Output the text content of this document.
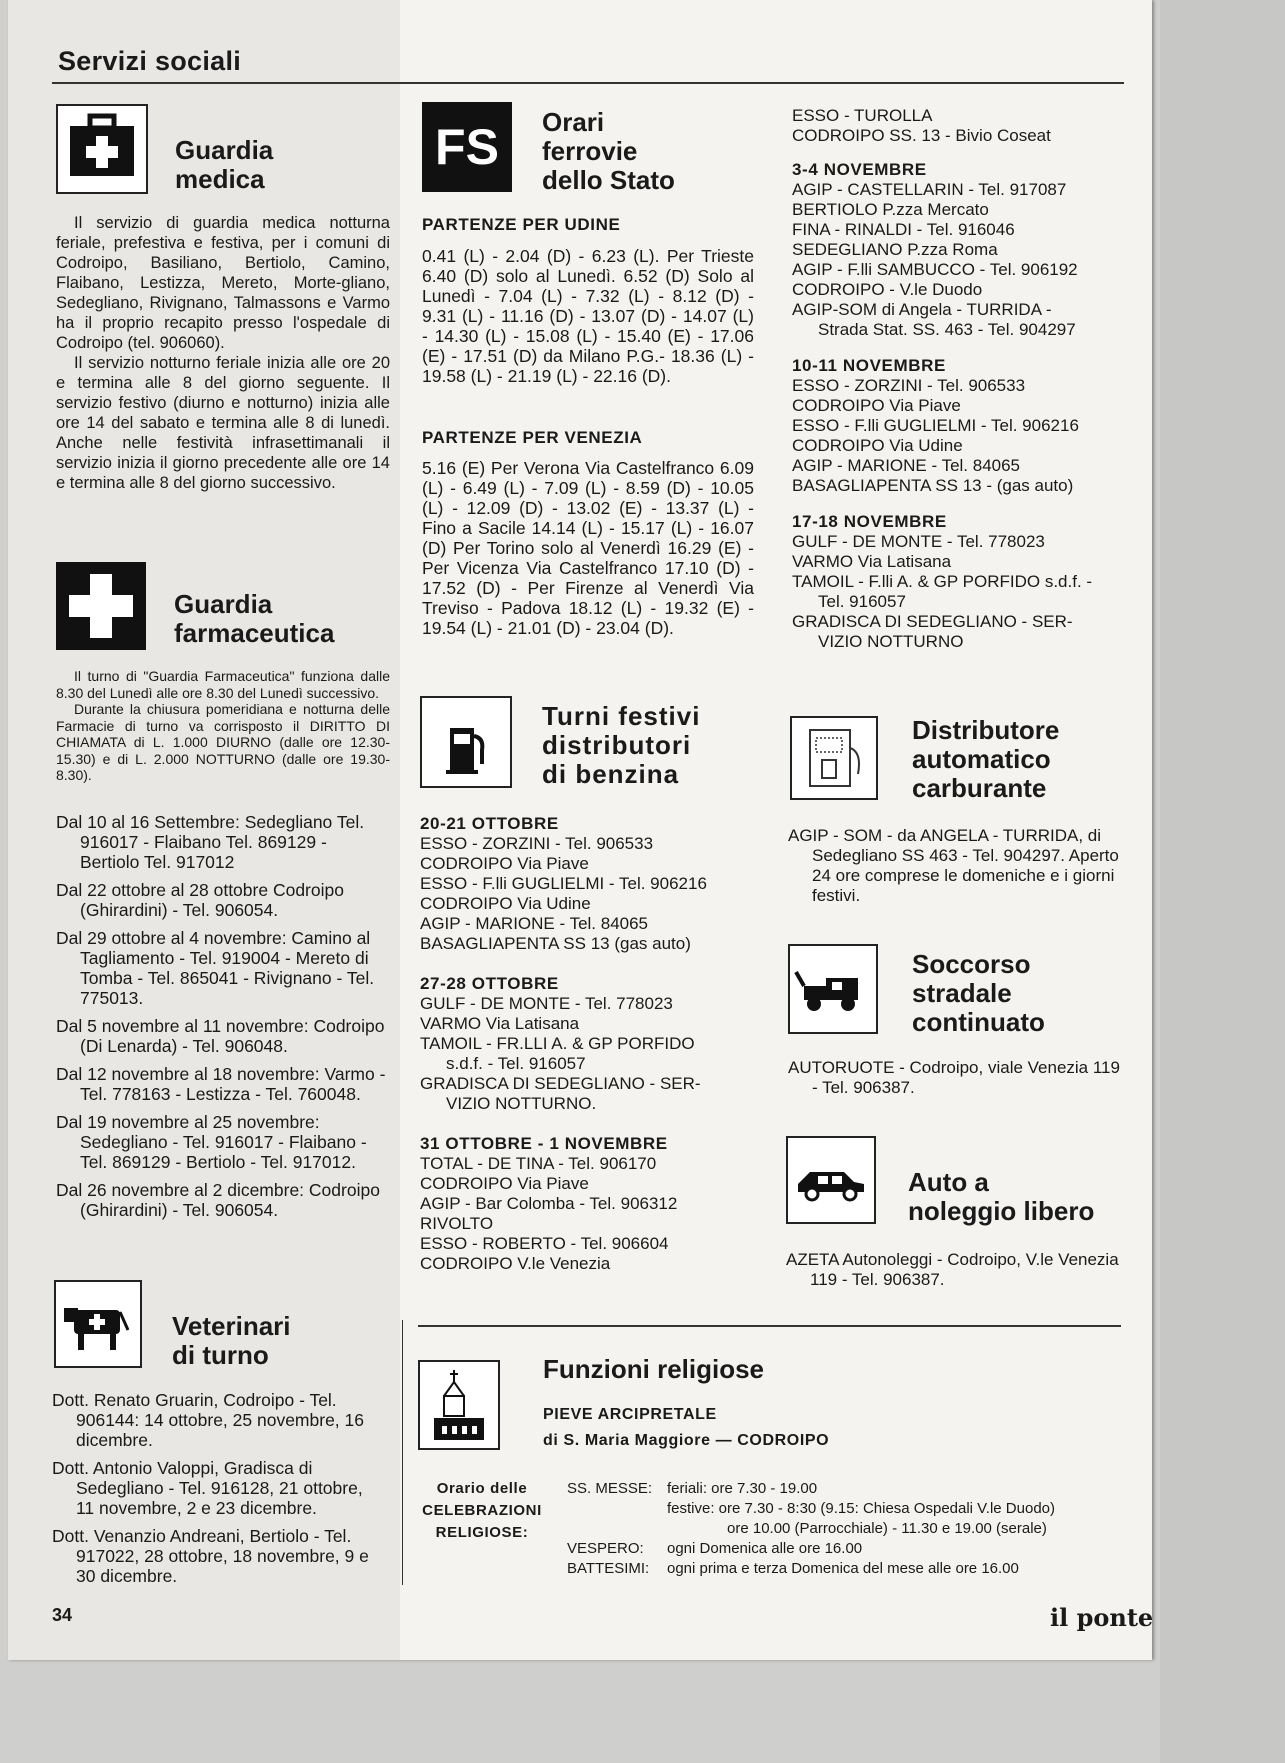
Servizi sociali
Guardia
medica

Il servizio di guardia medica notturna feriale, prefestiva e festiva, per i comuni di Codroipo, Basiliano, Bertiolo, Camino, Flaibano, Lestizza, Mereto, Morte-gliano, Sedegliano, Rivignano, Talmassons e Varmo ha il proprio recapito presso l'ospedale di Codroipo (tel. 906060).

Il servizio notturno feriale inizia alle ore 20 e termina alle 8 del giorno seguente. Il servizio festivo (diurno e notturno) inizia alle ore 14 del sabato e termina alle 8 di lunedì. Anche nelle festività infrasettimanali il servizio inizia il giorno precedente alle ore 14 e termina alle 8 del giorno successivo.

Guardia
farmaceutica

Il turno di "Guardia Farmaceutica" funziona dalle 8.30 del Lunedì alle ore 8.30 del Lunedì successivo.

Durante la chiusura pomeridiana e notturna delle Farmacie di turno va corrisposto il DIRITTO DI CHIAMATA di L. 1.000 DIURNO (dalle ore 12.30-15.30) e di L. 2.000 NOTTURNO (dalle ore 19.30-8.30).

Dal 10 al 16 Settembre: Sedegliano Tel. 916017 - Flaibano Tel. 869129 - Bertiolo Tel. 917012

Dal 22 ottobre al 28 ottobre Codroipo (Ghirardini) - Tel. 906054.

Dal 29 ottobre al 4 novembre: Camino al Tagliamento - Tel. 919004 - Mereto di Tomba - Tel. 865041 - Rivignano - Tel. 775013.

Dal 5 novembre al 11 novembre: Codroipo (Di Lenarda) - Tel. 906048.

Dal 12 novembre al 18 novembre: Varmo - Tel. 778163 - Lestizza - Tel. 760048.

Dal 19 novembre al 25 novembre: Sedegliano - Tel. 916017 - Flaibano - Tel. 869129 - Bertiolo - Tel. 917012.

Dal 26 novembre al 2 dicembre: Codroipo (Ghirardini) - Tel. 906054.

Veterinari
di turno

Dott. Renato Gruarin, Codroipo - Tel. 906144: 14 ottobre, 25 novembre, 16 dicembre.

Dott. Antonio Valoppi, Gradisca di Sedegliano - Tel. 916128, 21 ottobre, 11 novembre, 2 e 23 dicembre.

Dott. Venanzio Andreani, Bertiolo - Tel. 917022, 28 ottobre, 18 novembre, 9 e 30 dicembre.

FS	Orari
ferrovie
dello Stato
PARTENZE PER UDINE

0.41 (L) - 2.04 (D) - 6.23 (L). Per Trieste 6.40 (D) solo al Lunedì. 6.52 (D) Solo al Lunedì - 7.04 (L) - 7.32 (L) - 8.12 (D) - 9.31 (L) - 11.16 (D) - 13.07 (D) - 14.07 (L) - 14.30 (L) - 15.08 (L) - 15.40 (E) - 17.06 (E) - 17.51 (D) da Milano P.G.- 18.36 (L) - 19.58 (L) - 21.19 (L) - 22.16 (D).

PARTENZE PER VENEZIA

5.16 (E) Per Verona Via Castelfranco 6.09 (L) - 6.49 (L) - 7.09 (L) - 8.59 (D) - 10.05 (L) - 12.09 (D) - 13.02 (E) - 13.37 (L) - Fino a Sacile 14.14 (L) - 15.17 (L) - 16.07 (D) Per Torino solo al Venerdì 16.29 (E) - Per Vicenza Via Castelfranco 17.10 (D) - 17.52 (D) - Per Firenze al Venerdì Via Treviso - Padova 18.12 (L) - 19.32 (E) - 19.54 (L) - 21.01 (D) - 23.04 (D).

Turni festivi
distributori
di benzina
20-21 OTTOBRE

ESSO - ZORZINI - Tel. 906533

CODROIPO Via Piave

ESSO - F.lli GUGLIELMI - Tel. 906216

CODROIPO Via Udine

AGIP - MARIONE - Tel. 84065

BASAGLIAPENTA SS 13 (gas auto)

27-28 OTTOBRE

GULF - DE MONTE - Tel. 778023

VARMO Via Latisana

TAMOIL - FR.LLI A. & GP PORFIDO

s.d.f. - Tel. 916057

GRADISCA DI SEDEGLIANO - SER-

VIZIO NOTTURNO.

31 OTTOBRE - 1 NOVEMBRE

TOTAL - DE TINA - Tel. 906170

CODROIPO Via Piave

AGIP - Bar Colomba - Tel. 906312

RIVOLTO

ESSO - ROBERTO - Tel. 906604

CODROIPO V.le Venezia

ESSO - TUROLLA

CODROIPO SS. 13 - Bivio Coseat

3-4 NOVEMBRE

AGIP - CASTELLARIN - Tel. 917087

BERTIOLO P.zza Mercato

FINA - RINALDI - Tel. 916046

SEDEGLIANO P.zza Roma

AGIP - F.lli SAMBUCCO - Tel. 906192

CODROIPO - V.le Duodo

AGIP-SOM di Angela - TURRIDA -

Strada Stat. SS. 463 - Tel. 904297

10-11 NOVEMBRE

ESSO - ZORZINI - Tel. 906533

CODROIPO Via Piave

ESSO - F.lli GUGLIELMI - Tel. 906216

CODROIPO Via Udine

AGIP - MARIONE - Tel. 84065

BASAGLIAPENTA SS 13 - (gas auto)

17-18 NOVEMBRE

GULF - DE MONTE - Tel. 778023

VARMO Via Latisana

TAMOIL - F.lli A. & GP PORFIDO s.d.f. -

Tel. 916057

GRADISCA DI SEDEGLIANO - SER-

VIZIO NOTTURNO

Distributore
automatico
carburante

AGIP - SOM - da ANGELA - TURRIDA, di Sedegliano SS 463 - Tel. 904297. Aperto 24 ore comprese le domeniche e i giorni festivi.

Soccorso
stradale
continuato

AUTORUOTE - Codroipo, viale Venezia 119 - Tel. 906387.

Auto a
noleggio libero

AZETA Autonoleggi - Codroipo, V.le Venezia 119 - Tel. 906387.

Funzioni religiose
PIEVE ARCIPRETALE
di S. Maria Maggiore — CODROIPO
Orario delle
CELEBRAZIONI
RELIGIOSE:
SS. MESSE:	feriali: ore 7.30 - 19.00
	festive: ore 7.30 - 8:30 (9.15: Chiesa Ospedali V.le Duodo)
	ore 10.00 (Parrocchiale) - 11.30 e 19.00 (serale)
VESPERO:	ogni Domenica alle ore 16.00
BATTESIMI:	ogni prima e terza Domenica del mese alle ore 16.00
34	il ponte
